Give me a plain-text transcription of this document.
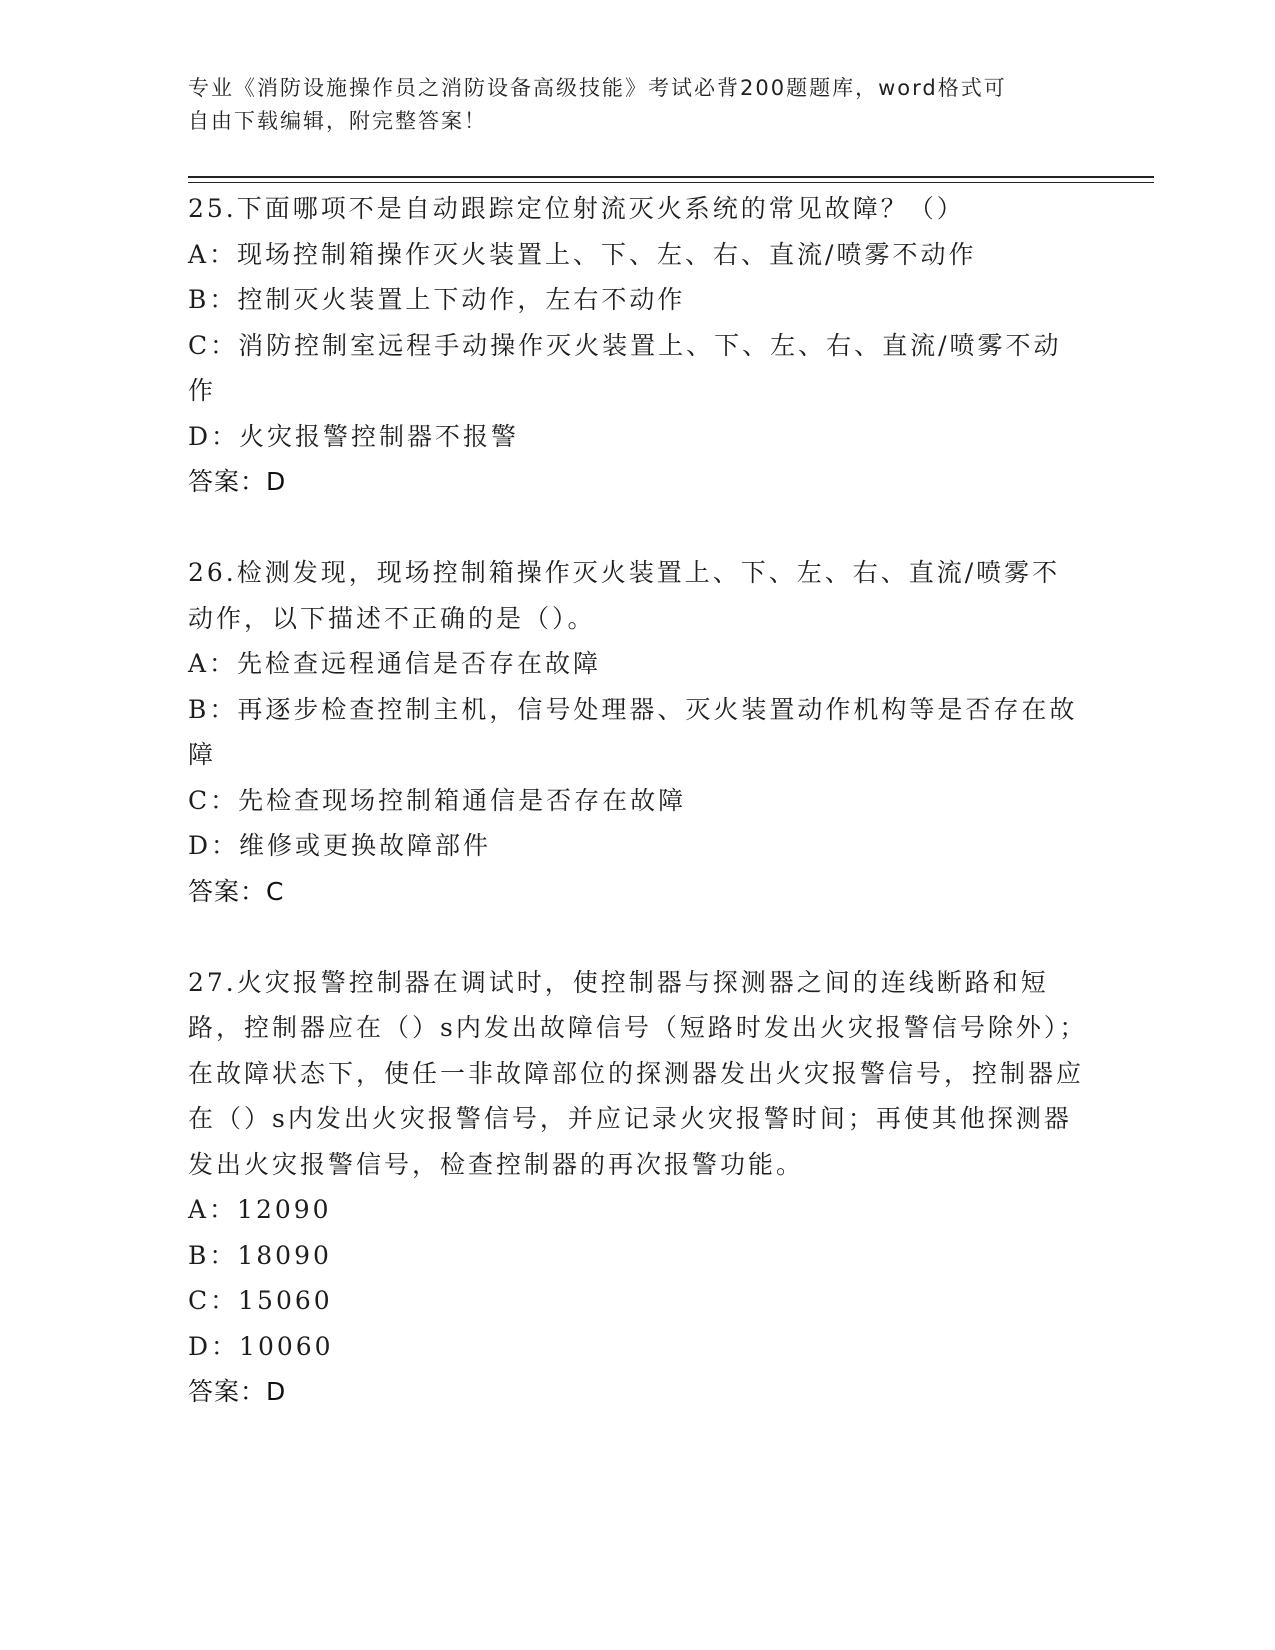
专业《消防设施操作员之消防设备高级技能》考试必背200题题库，word格式可
自由下载编辑，附完整答案！
25.下面哪项不是自动跟踪定位射流灭火系统的常见故障？（）
A：现场控制箱操作灭火装置上、下、左、右、直流/喷雾不动作
B：控制灭火装置上下动作，左右不动作
C：消防控制室远程手动操作灭火装置上、下、左、右、直流/喷雾不动作
D：火灾报警控制器不报警
答案：D
26.检测发现，现场控制箱操作灭火装置上、下、左、右、直流/喷雾不动作，以下描述不正确的是（）。
A：先检查远程通信是否存在故障
B：再逐步检查控制主机，信号处理器、灭火装置动作机构等是否存在故障
C：先检查现场控制箱通信是否存在故障
D：维修或更换故障部件
答案：C
27.火灾报警控制器在调试时，使控制器与探测器之间的连线断路和短路，控制器应在（）s内发出故障信号（短路时发出火灾报警信号除外）；在故障状态下，使任一非故障部位的探测器发出火灾报警信号，控制器应在（）s内发出火灾报警信号，并应记录火灾报警时间；再使其他探测器发出火灾报警信号，检查控制器的再次报警功能。
A：12090
B：18090
C：15060
D：10060
答案：D
